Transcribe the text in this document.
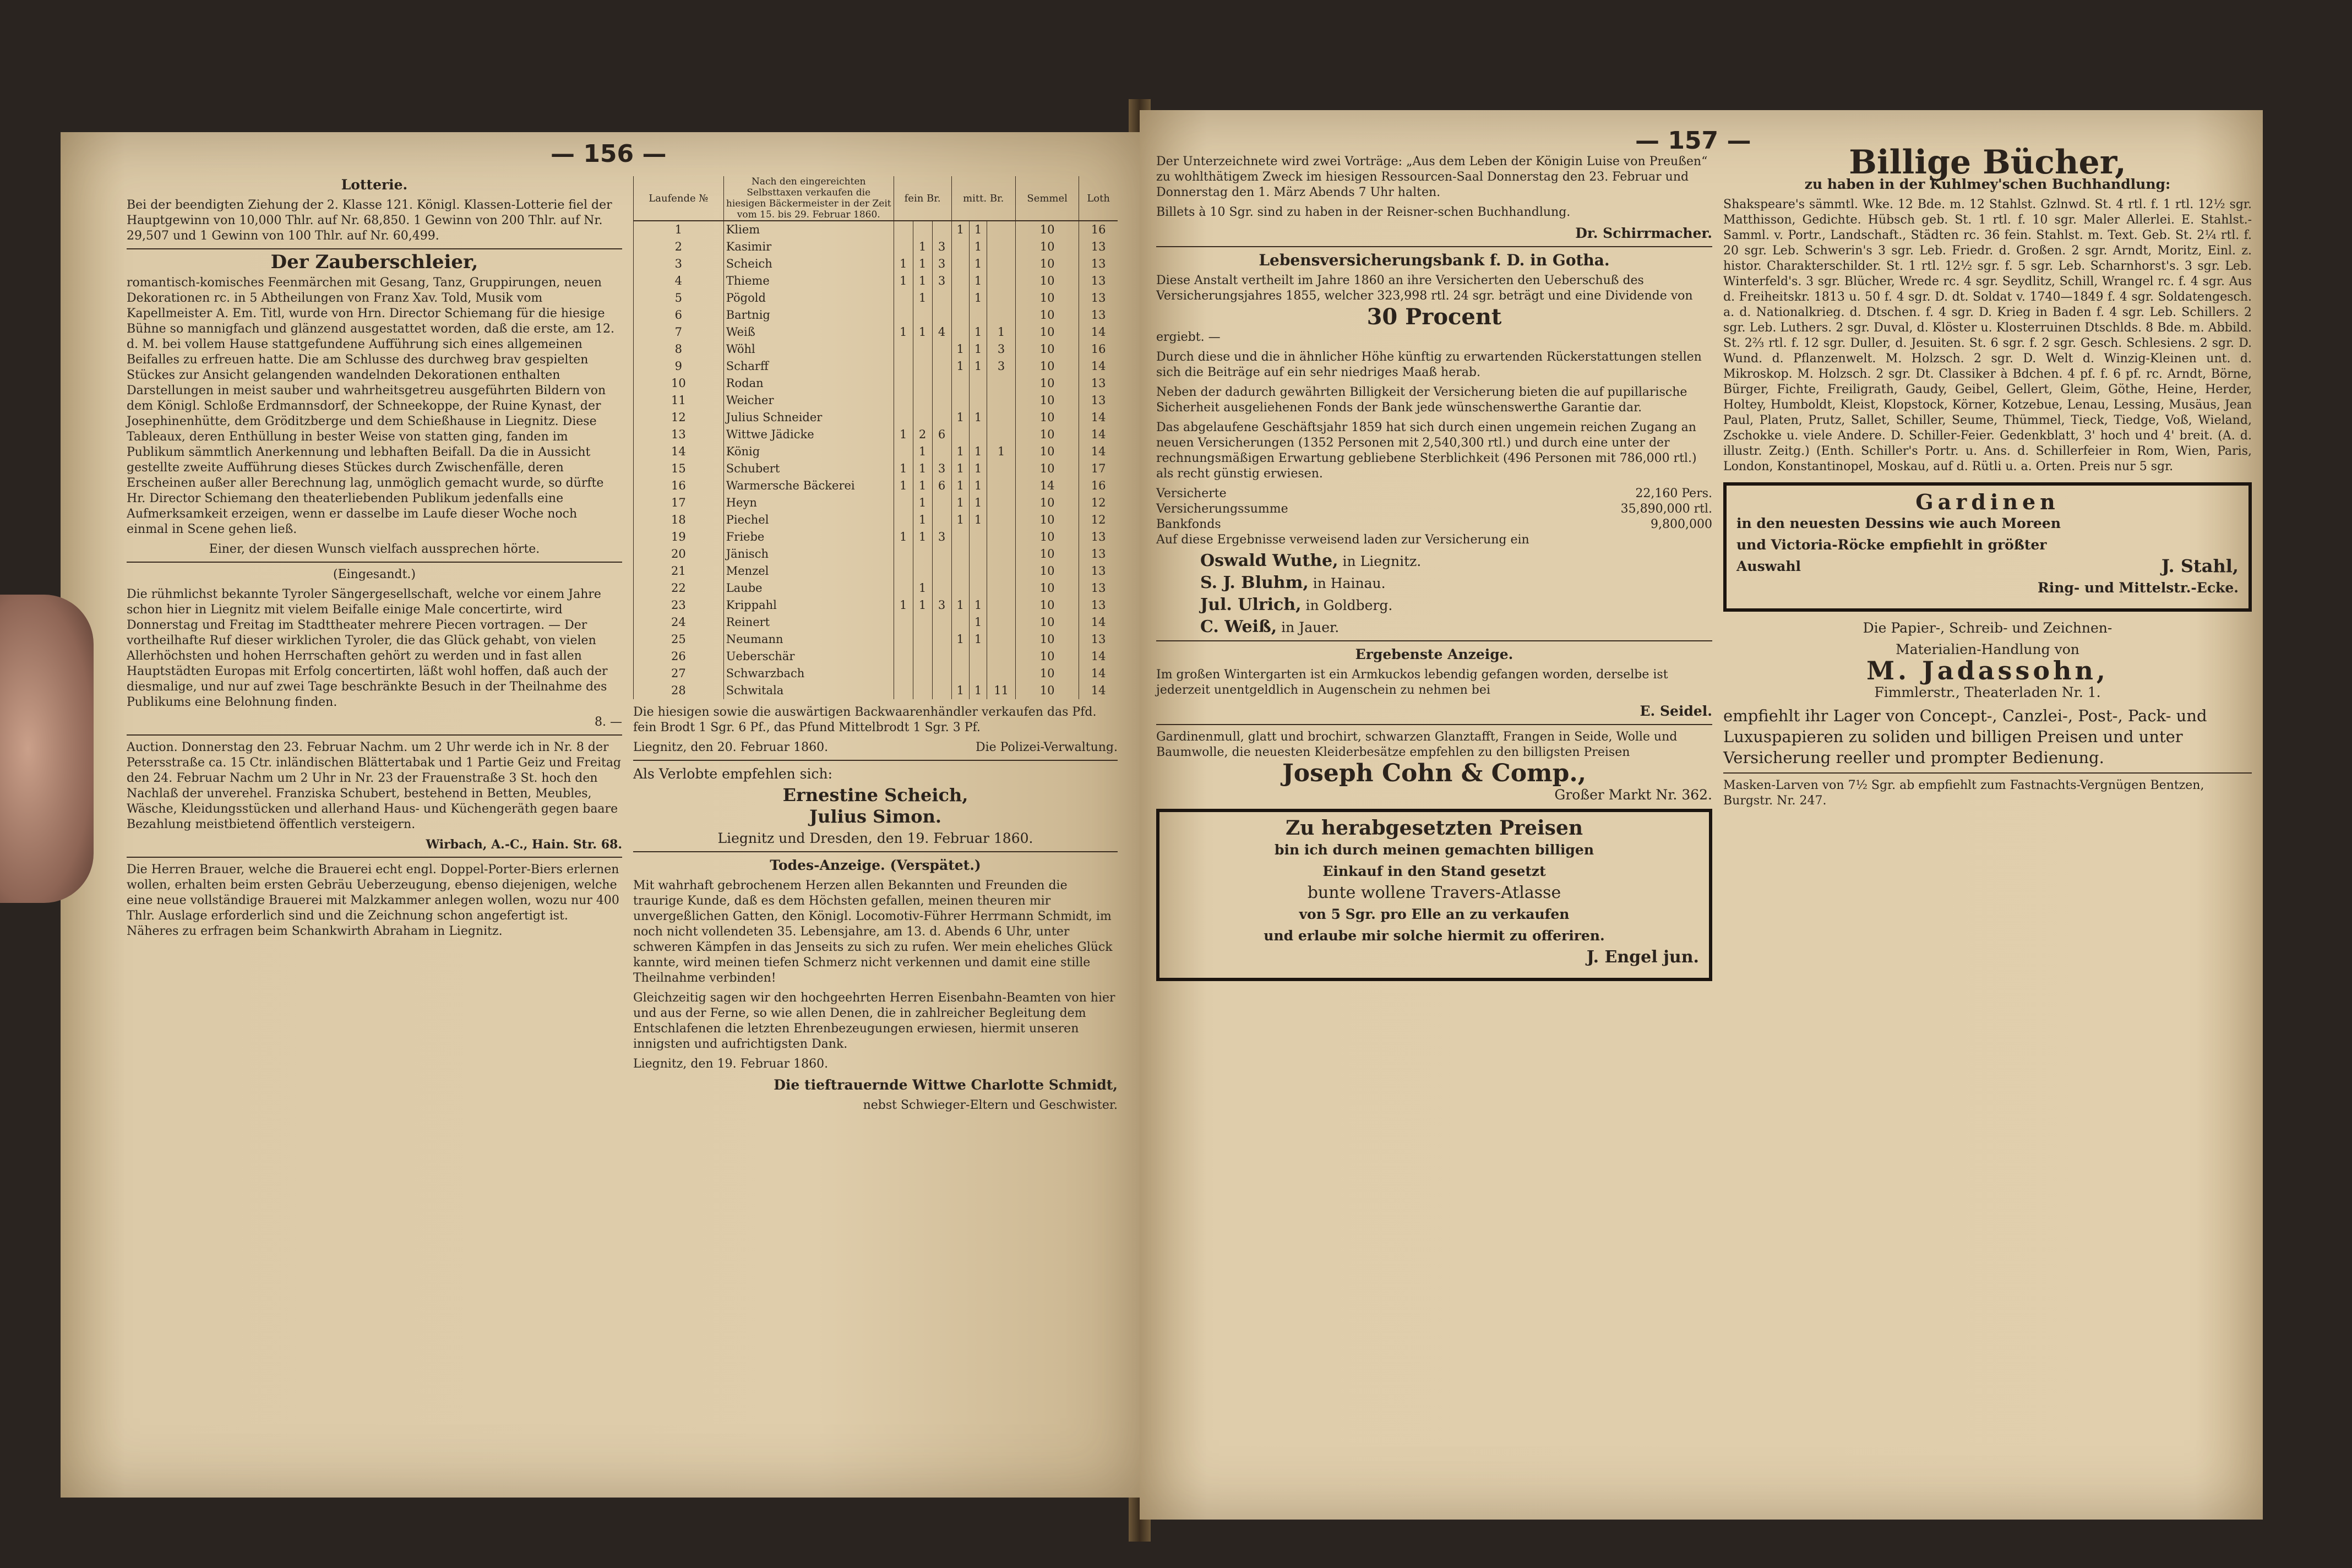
— 156 —

Lotterie.

Bei der beendigten Ziehung der 2. Klasse 121. Königl. Klassen-Lotterie fiel der Hauptgewinn von 10,000 Thlr. auf Nr. 68,850. 1 Gewinn von 200 Thlr. auf Nr. 29,507 und 1 Gewinn von 100 Thlr. auf Nr. 60,499.

Der Zauberschleier,

romantisch-komisches Feenmärchen mit Gesang, Tanz, Gruppirungen, neuen Dekorationen rc. in 5 Abtheilungen von Franz Xav. Told, Musik vom Kapellmeister A. Em. Titl, wurde von Hrn. Director Schiemang für die hiesige Bühne so mannigfach und glänzend ausgestattet worden, daß die erste, am 12. d. M. bei vollem Hause stattgefundene Aufführung sich eines allgemeinen Beifalles zu erfreuen hatte. Die am Schlusse des durchweg brav gespielten Stückes zur Ansicht gelangenden wandelnden Dekorationen enthalten Darstellungen in meist sauber und wahrheitsgetreu ausgeführten Bildern von dem Königl. Schloße Erdmannsdorf, der Schneekoppe, der Ruine Kynast, der Josephinenhütte, dem Gröditzberge und dem Schießhause in Liegnitz. Diese Tableaux, deren Enthüllung in bester Weise von statten ging, fanden im Publikum sämmtlich Anerkennung und lebhaften Beifall. Da die in Aussicht gestellte zweite Aufführung dieses Stückes durch Zwischenfälle, deren Erscheinen außer aller Berechnung lag, unmöglich gemacht wurde, so dürfte Hr. Director Schiemang den theaterliebenden Publikum jedenfalls eine Aufmerksamkeit erzeigen, wenn er dasselbe im Laufe dieser Woche noch einmal in Scene gehen ließ.

Einer, der diesen Wunsch vielfach aussprechen hörte.

(Eingesandt.)

Die rühmlichst bekannte Tyroler Sängergesellschaft, welche vor einem Jahre schon hier in Liegnitz mit vielem Beifalle einige Male concertirte, wird Donnerstag und Freitag im Stadttheater mehrere Piecen vortragen. — Der vortheilhafte Ruf dieser wirklichen Tyroler, die das Glück gehabt, von vielen Allerhöchsten und hohen Herrschaften gehört zu werden und in fast allen Hauptstädten Europas mit Erfolg concertirten, läßt wohl hoffen, daß auch der diesmalige, und nur auf zwei Tage beschränkte Besuch in der Theilnahme des Publikums eine Belohnung finden.

8. —

Auction. Donnerstag den 23. Februar Nachm. um 2 Uhr werde ich in Nr. 8 der Petersstraße ca. 15 Ctr. inländischen Blättertabak und 1 Partie Geiz und Freitag den 24. Februar Nachm um 2 Uhr in Nr. 23 der Frauenstraße 3 St. hoch den Nachlaß der unverehel. Franziska Schubert, bestehend in Betten, Meubles, Wäsche, Kleidungsstücken und allerhand Haus- und Küchengeräth gegen baare Bezahlung meistbietend öffentlich versteigern.

Wirbach, A.-C., Hain. Str. 68.

Die Herren Brauer, welche die Brauerei echt engl. Doppel-Porter-Biers erlernen wollen, erhalten beim ersten Gebräu Ueberzeugung, ebenso diejenigen, welche eine neue vollständige Brauerei mit Malzkammer anlegen wollen, wozu nur 400 Thlr. Auslage erforderlich sind und die Zeichnung schon angefertigt ist. Näheres zu erfragen beim Schankwirth Abraham in Liegnitz.

Laufende №	Nach den eingereichten Selbsttaxen verkaufen die hiesigen Bäckermeister in der Zeit vom 15. bis 29. Februar 1860.	fein Br.			mitt. Br.			Semmel	Loth
1	Kliem				1	1		10	16
2	Kasimir		1	3		1		10	13
3	Scheich	1	1	3		1		10	13
4	Thieme	1	1	3		1		10	13
5	Pögold		1			1		10	13
6	Bartnig							10	13
7	Weiß	1	1	4		1	1	10	14
8	Wöhl				1	1	3	10	16
9	Scharff				1	1	3	10	14
10	Rodan							10	13
11	Weicher							10	13
12	Julius Schneider				1	1		10	14
13	Wittwe Jädicke	1	2	6				10	14
14	König		1		1	1	1	10	14
15	Schubert	1	1	3	1	1		10	17
16	Warmersche Bäckerei	1	1	6	1	1		14	16
17	Heyn		1		1	1		10	12
18	Piechel		1		1	1		10	12
19	Friebe	1	1	3				10	13
20	Jänisch							10	13
21	Menzel							10	13
22	Laube		1					10	13
23	Krippahl	1	1	3	1	1		10	13
24	Reinert					1		10	14
25	Neumann				1	1		10	13
26	Ueberschär							10	14
27	Schwarzbach							10	14
28	Schwitala				1	1	11	10	14

Die hiesigen sowie die auswärtigen Backwaarenhändler verkaufen das Pfd. fein Brodt 1 Sgr. 6 Pf., das Pfund Mittelbrodt 1 Sgr. 3 Pf.

Liegnitz, den 20. Februar 1860.	Die Polizei-Verwaltung.

Als Verlobte empfehlen sich:

Ernestine Scheich,

Julius Simon.

Liegnitz und Dresden, den 19. Februar 1860.

Todes-Anzeige. (Verspätet.)

Mit wahrhaft gebrochenem Herzen allen Bekannten und Freunden die traurige Kunde, daß es dem Höchsten gefallen, meinen theuren mir unvergeßlichen Gatten, den Königl. Locomotiv-Führer Herrmann Schmidt, im noch nicht vollendeten 35. Lebensjahre, am 13. d. Abends 6 Uhr, unter schweren Kämpfen in das Jenseits zu sich zu rufen. Wer mein eheliches Glück kannte, wird meinen tiefen Schmerz nicht verkennen und damit eine stille Theilnahme verbinden!

Gleichzeitig sagen wir den hochgeehrten Herren Eisenbahn-Beamten von hier und aus der Ferne, so wie allen Denen, die in zahlreicher Begleitung dem Entschlafenen die letzten Ehrenbezeugungen erwiesen, hiermit unseren innigsten und aufrichtigsten Dank.

Liegnitz, den 19. Februar 1860.

Die tieftrauernde Wittwe Charlotte Schmidt,

nebst Schwieger-Eltern und Geschwister.

— 157 —

Der Unterzeichnete wird zwei Vorträge: „Aus dem Leben der Königin Luise von Preußen“ zu wohlthätigem Zweck im hiesigen Ressourcen-Saal Donnerstag den 23. Februar und Donnerstag den 1. März Abends 7 Uhr halten.

Billets à 10 Sgr. sind zu haben in der Reisner-schen Buchhandlung.

Dr. Schirrmacher.

Lebensversicherungsbank f. D. in Gotha.

Diese Anstalt vertheilt im Jahre 1860 an ihre Versicherten den Ueberschuß des Versicherungsjahres 1855, welcher 323,998 rtl. 24 sgr. beträgt und eine Dividende von

30 Procent

ergiebt. —

Durch diese und die in ähnlicher Höhe künftig zu erwartenden Rückerstattungen stellen sich die Beiträge auf ein sehr niedriges Maaß herab.

Neben der dadurch gewährten Billigkeit der Versicherung bieten die auf pupillarische Sicherheit ausgeliehenen Fonds der Bank jede wünschenswerthe Garantie dar.

Das abgelaufene Geschäftsjahr 1859 hat sich durch einen ungemein reichen Zugang an neuen Versicherungen (1352 Personen mit 2,540,300 rtl.) und durch eine unter der rechnungsmäßigen Erwartung gebliebene Sterblichkeit (496 Personen mit 786,000 rtl.) als recht günstig erwiesen.

Versicherte	22,160 Pers.
Versicherungssumme	35,890,000 rtl.
Bankfonds	9,800,000

Auf diese Ergebnisse verweisend laden zur Versicherung ein

Oswald Wuthe, in Liegnitz.

S. J. Bluhm, in Hainau.

Jul. Ulrich, in Goldberg.

C. Weiß, in Jauer.

Ergebenste Anzeige.

Im großen Wintergarten ist ein Armkuckos lebendig gefangen worden, derselbe ist jederzeit unentgeldlich in Augenschein zu nehmen bei

E. Seidel.

Gardinenmull, glatt und brochirt, schwarzen Glanztafft, Frangen in Seide, Wolle und Baumwolle, die neuesten Kleiderbesätze empfehlen zu den billigsten Preisen

Joseph Cohn & Comp.,

Großer Markt Nr. 362.

Zu herabgesetzten Preisen

bin ich durch meinen gemachten billigen

Einkauf in den Stand gesetzt

bunte wollene Travers-Atlasse

von 5 Sgr. pro Elle an zu verkaufen

und erlaube mir solche hiermit zu offeriren.

J. Engel jun.

Billige Bücher,

zu haben in der Kuhlmey'schen Buchhandlung:

Shakspeare's sämmtl. Wke. 12 Bde. m. 12 Stahlst. Gzlnwd. St. 4 rtl. f. 1 rtl. 12½ sgr. Matthisson, Gedichte. Hübsch geb. St. 1 rtl. f. 10 sgr. Maler Allerlei. E. Stahlst.-Samml. v. Portr., Landschaft., Städten rc. 36 fein. Stahlst. m. Text. Geb. St. 2¼ rtl. f. 20 sgr. Leb. Schwerin's 3 sgr. Leb. Friedr. d. Großen. 2 sgr. Arndt, Moritz, Einl. z. histor. Charakterschilder. St. 1 rtl. 12½ sgr. f. 5 sgr. Leb. Scharnhorst's. 3 sgr. Leb. Winterfeld's. 3 sgr. Blücher, Wrede rc. 4 sgr. Seydlitz, Schill, Wrangel rc. f. 4 sgr. Aus d. Freiheitskr. 1813 u. 50 f. 4 sgr. D. dt. Soldat v. 1740—1849 f. 4 sgr. Soldatengesch. a. d. Nationalkrieg. d. Dtschen. f. 4 sgr. D. Krieg in Baden f. 4 sgr. Leb. Schillers. 2 sgr. Leb. Luthers. 2 sgr. Duval, d. Klöster u. Klosterruinen Dtschlds. 8 Bde. m. Abbild. St. 2⅔ rtl. f. 12 sgr. Duller, d. Jesuiten. St. 6 sgr. f. 2 sgr. Gesch. Schlesiens. 2 sgr. D. Wund. d. Pflanzenwelt. M. Holzsch. 2 sgr. D. Welt d. Winzig-Kleinen unt. d. Mikroskop. M. Holzsch. 2 sgr. Dt. Classiker à Bdchen. 4 pf. f. 6 pf. rc. Arndt, Börne, Bürger, Fichte, Freiligrath, Gaudy, Geibel, Gellert, Gleim, Göthe, Heine, Herder, Holtey, Humboldt, Kleist, Klopstock, Körner, Kotzebue, Lenau, Lessing, Musäus, Jean Paul, Platen, Prutz, Sallet, Schiller, Seume, Thümmel, Tieck, Tiedge, Voß, Wieland, Zschokke u. viele Andere. D. Schiller-Feier. Gedenkblatt, 3' hoch und 4' breit. (A. d. illustr. Zeitg.) (Enth. Schiller's Portr. u. Ans. d. Schillerfeier in Rom, Wien, Paris, London, Konstantinopel, Moskau, auf d. Rütli u. a. Orten. Preis nur 5 sgr.

Gardinen

in den neuesten Dessins wie auch Moreen

und Victoria-Röcke empfiehlt in größter

Auswahl	J. Stahl,

Ring- und Mittelstr.-Ecke.

Die Papier-, Schreib- und Zeichnen-

Materialien-Handlung von

M. Jadassohn,

Fimmlerstr., Theaterladen Nr. 1.

empfiehlt ihr Lager von Concept-, Canzlei-, Post-, Pack- und Luxuspapieren zu soliden und billigen Preisen und unter Versicherung reeller und prompter Bedienung.

Masken-Larven von 7½ Sgr. ab empfiehlt zum Fastnachts-Vergnügen Bentzen, Burgstr. Nr. 247.
